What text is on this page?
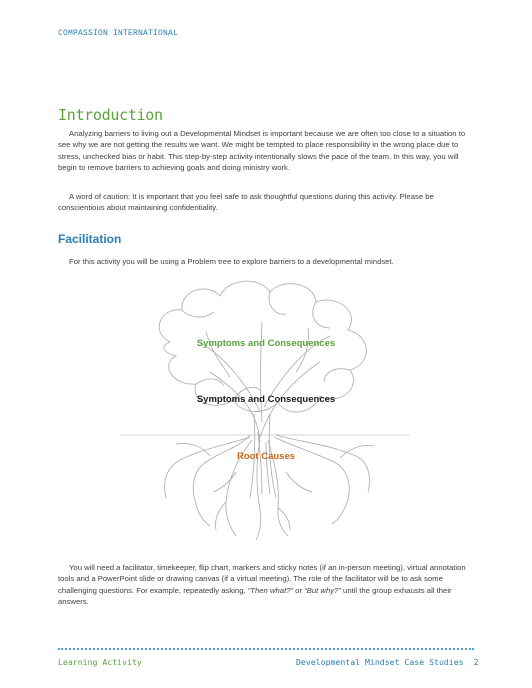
COMPASSION INTERNATIONAL
Introduction

Analyzing barriers to living out a Developmental Mindset is important because we are often too close to a situation to see why we are not getting the results we want. We might be tempted to place responsibility in the wrong place due to stress, unchecked bias or habit. This step-by-step activity intentionally slows the pace of the team. In this way, you will begin to remove barriers to achieving goals and doing ministry work.

A word of caution: It is important that you feel safe to ask thoughtful questions during this activity. Please be conscientious about maintaining confidentiality.

Facilitation

For this activity you will be using a Problem tree to explore barriers to a developmental mindset.

Symptoms and Consequences
Symptoms and Consequences
Root Causes

You will need a facilitator, timekeeper, flip chart, markers and sticky notes (if an in-person meeting), virtual annotation tools and a PowerPoint slide or drawing canvas (if a virtual meeting). The role of the facilitator will be to ask some challenging questions. For example, repeatedly asking, “Then what?” or “But why?” until the group exhausts all their answers.

Learning Activity	Developmental Mindset Case Studies 2
